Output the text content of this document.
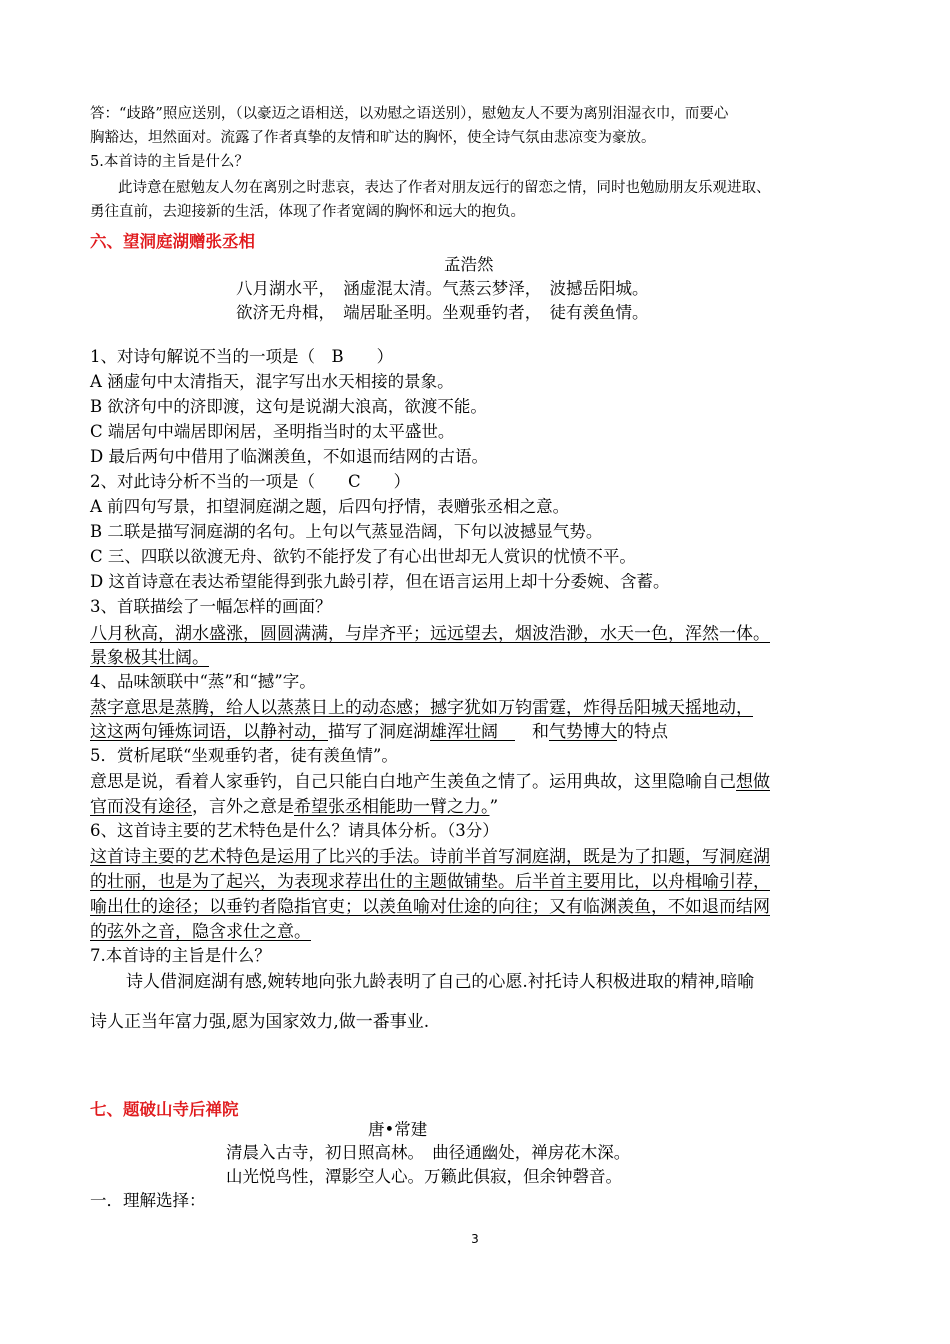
答：“歧路”照应送别，（以豪迈之语相送，以劝慰之语送别），慰勉友人不要为离别泪湿衣巾，而要心
胸豁达，坦然面对。流露了作者真挚的友情和旷达的胸怀，使全诗气氛由悲凉变为豪放。
5.本首诗的主旨是什么？
此诗意在慰勉友人勿在离别之时悲哀，表达了作者对朋友远行的留恋之情，同时也勉励朋友乐观进取、
勇往直前，去迎接新的生活，体现了作者宽阔的胸怀和远大的抱负。
六、望洞庭湖赠张丞相
孟浩然
八月湖水平，　涵虚混太清。气蒸云梦泽，　波撼岳阳城。
欲济无舟楫，　端居耻圣明。坐观垂钓者，　徒有羡鱼情。
1、对诗句解说不当的一项是（　B　　）
A 涵虚句中太清指天，混字写出水天相接的景象。
B 欲济句中的济即渡，这句是说湖大浪高，欲渡不能。
C 端居句中端居即闲居，圣明指当时的太平盛世。
D 最后两句中借用了临渊羡鱼，不如退而结网的古语。
2、对此诗分析不当的一项是（　　C　　）
A 前四句写景，扣望洞庭湖之题，后四句抒情，表赠张丞相之意。
B 二联是描写洞庭湖的名句。上句以气蒸显浩阔，下句以波撼显气势。
C 三、四联以欲渡无舟、欲钓不能抒发了有心出世却无人赏识的忧愤不平。
D 这首诗意在表达希望能得到张九龄引荐，但在语言运用上却十分委婉、含蓄。
3、首联描绘了一幅怎样的画面？
八月秋高，湖水盛涨，圆圆满满，与岸齐平；远远望去，烟波浩渺，水天一色，浑然一体。
景象极其壮阔。
4、品味颔联中“蒸”和“撼”字。
蒸字意思是蒸腾，给人以蒸蒸日上的动态感；撼字犹如万钧雷霆，炸得岳阳城天摇地动，
这这两句锤炼词语，以静衬动，描写了洞庭湖雄浑壮阔　　和气势博大的特点
5．赏析尾联“坐观垂钓者，徒有羡鱼情”。
意思是说，看着人家垂钓，自己只能白白地产生羡鱼之情了。运用典故，这里隐喻自己想做
官而没有途径，言外之意是希望张丞相能助一臂之力。”
6、这首诗主要的艺术特色是什么？请具体分析。（3分）
这首诗主要的艺术特色是运用了比兴的手法。诗前半首写洞庭湖，既是为了扣题，写洞庭湖
的壮丽，也是为了起兴，为表现求荐出仕的主题做铺垫。后半首主要用比，以舟楫喻引荐，
喻出仕的途径；以垂钓者隐指官吏；以羡鱼喻对仕途的向往；又有临渊羡鱼，不如退而结网
的弦外之音，隐含求仕之意。
7.本首诗的主旨是什么？
诗人借洞庭湖有感,婉转地向张九龄表明了自己的心愿.衬托诗人积极进取的精神,暗喻
诗人正当年富力强,愿为国家效力,做一番事业.
七、题破山寺后禅院
唐•常建
清晨入古寺，初日照高林。　曲径通幽处，禅房花木深。
山光悦鸟性，潭影空人心。万籁此俱寂，但余钟磬音。
一．理解选择：
3
